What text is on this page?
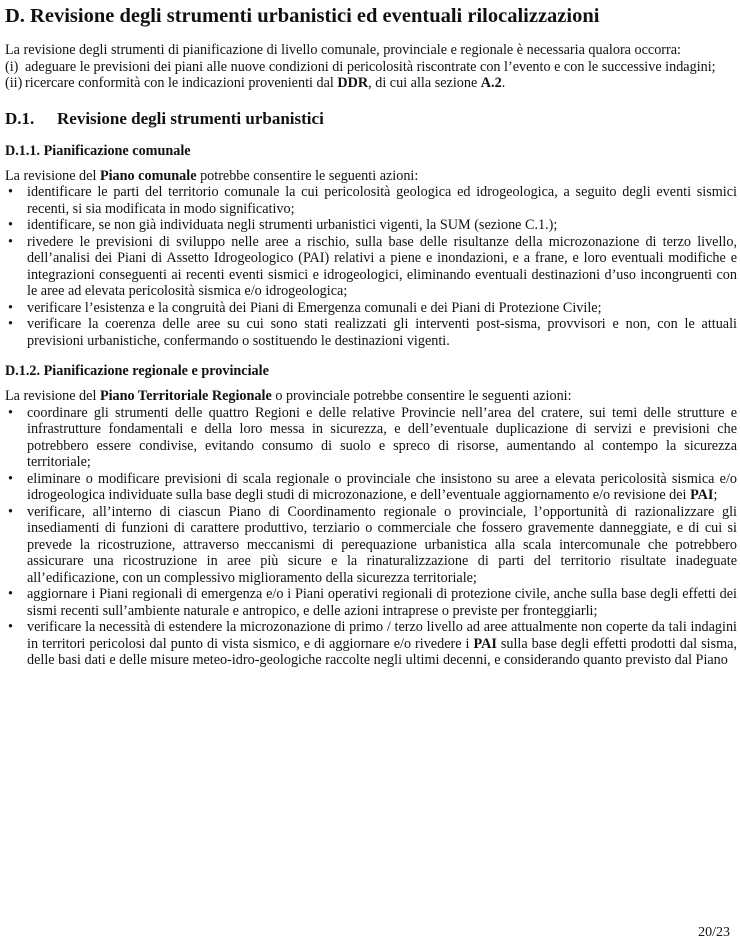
D. Revisione degli strumenti urbanistici ed eventuali rilocalizzazioni

La revisione degli strumenti di pianificazione di livello comunale, provinciale e regionale è necessaria qualora occorra:

(i) adeguare le previsioni dei piani alle nuove condizioni di pericolosità riscontrate con l’evento e con le successive indagini;
(ii) ricercare conformità con le indicazioni provenienti dal DDR, di cui alla sezione A.2.
D.1. Revisione degli strumenti urbanistici
D.1.1. Pianificazione comunale

La revisione del Piano comunale potrebbe consentire le seguenti azioni:

• identificare le parti del territorio comunale la cui pericolosità geologica ed idrogeologica, a seguito degli eventi sismici recenti, si sia modificata in modo significativo;
• identificare, se non già individuata negli strumenti urbanistici vigenti, la SUM (sezione C.1.);
• rivedere le previsioni di sviluppo nelle aree a rischio, sulla base delle risultanze della microzonazione di terzo livello, dell’analisi dei Piani di Assetto Idrogeologico (PAI) relativi a piene e inondazioni, e a frane, e loro eventuali modifiche e integrazioni conseguenti ai recenti eventi sismici e idrogeologici, eliminando eventuali destinazioni d’uso incongruenti con le aree ad elevata pericolosità sismica e/o idrogeologica;
• verificare l’esistenza e la congruità dei Piani di Emergenza comunali e dei Piani di Protezione Civile;
• verificare la coerenza delle aree su cui sono stati realizzati gli interventi post-sisma, provvisori e non, con le attuali previsioni urbanistiche, confermando o sostituendo le destinazioni vigenti.
D.1.2. Pianificazione regionale e provinciale

La revisione del Piano Territoriale Regionale o provinciale potrebbe consentire le seguenti azioni:

• coordinare gli strumenti delle quattro Regioni e delle relative Provincie nell’area del cratere, sui temi delle strutture e infrastrutture fondamentali e della loro messa in sicurezza, e dell’eventuale duplicazione di servizi e previsioni che potrebbero essere condivise, evitando consumo di suolo e spreco di risorse, aumentando al contempo la sicurezza territoriale;
• eliminare o modificare previsioni di scala regionale o provinciale che insistono su aree a elevata pericolosità sismica e/o idrogeologica individuate sulla base degli studi di microzonazione, e dell’eventuale aggiornamento e/o revisione dei PAI;
• verificare, all’interno di ciascun Piano di Coordinamento regionale o provinciale, l’opportunità di razionalizzare gli insediamenti di funzioni di carattere produttivo, terziario o commerciale che fossero gravemente danneggiate, e di cui si prevede la ricostruzione, attraverso meccanismi di perequazione urbanistica alla scala intercomunale che potrebbero assicurare una ricostruzione in aree più sicure e la rinaturalizzazione di parti del territorio risultate inadeguate all’edificazione, con un complessivo miglioramento della sicurezza territoriale;
• aggiornare i Piani regionali di emergenza e/o i Piani operativi regionali di protezione civile, anche sulla base degli effetti dei sismi recenti sull’ambiente naturale e antropico, e delle azioni intraprese o previste per fronteggiarli;
• verificare la necessità di estendere la microzonazione di primo / terzo livello ad aree attualmente non coperte da tali indagini in territori pericolosi dal punto di vista sismico, e di aggiornare e/o rivedere i PAI sulla base degli effetti prodotti dal sisma, delle basi dati e delle misure meteo-idro-geologiche raccolte negli ultimi decenni, e considerando quanto previsto dal Piano
20/23
